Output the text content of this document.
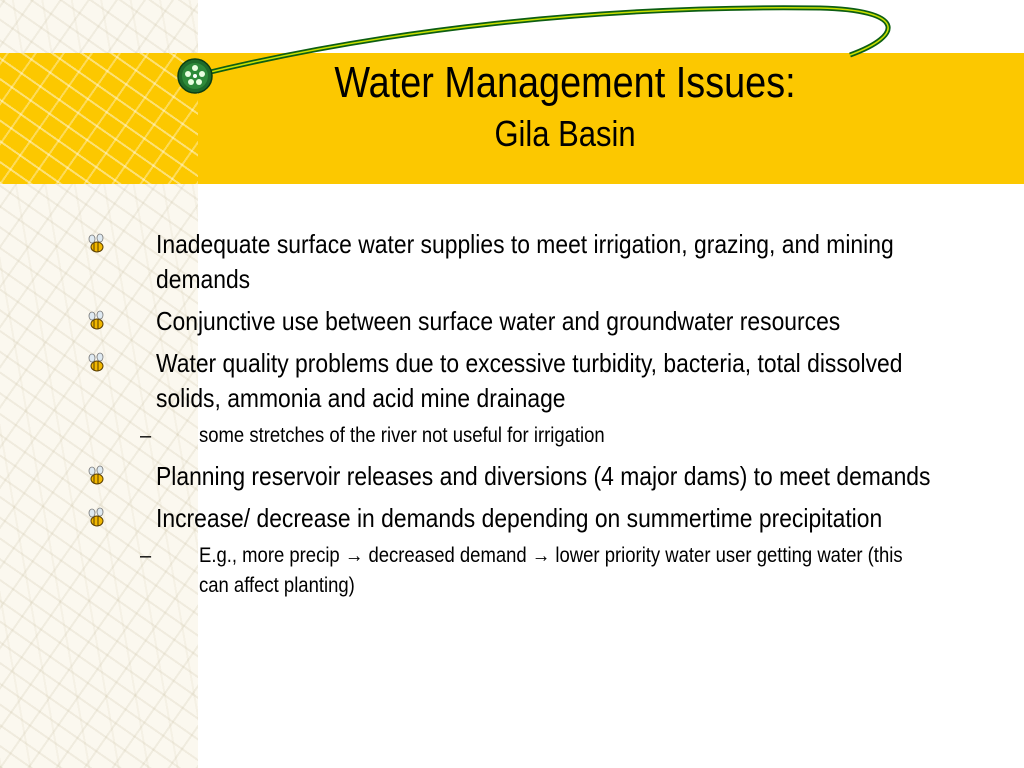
Water Management Issues:
Gila Basin
Inadequate surface water supplies to meet irrigation, grazing, and mining demands
Conjunctive use between surface water and groundwater resources
Water quality problems due to excessive turbidity, bacteria, total dissolved solids, ammonia and acid mine drainage
– some stretches of the river not useful for irrigation
Planning reservoir releases and diversions (4 major dams) to meet demands
Increase/ decrease in demands depending on summertime precipitation
– E.g., more precip → decreased demand → lower priority water user getting water (this can affect planting)
